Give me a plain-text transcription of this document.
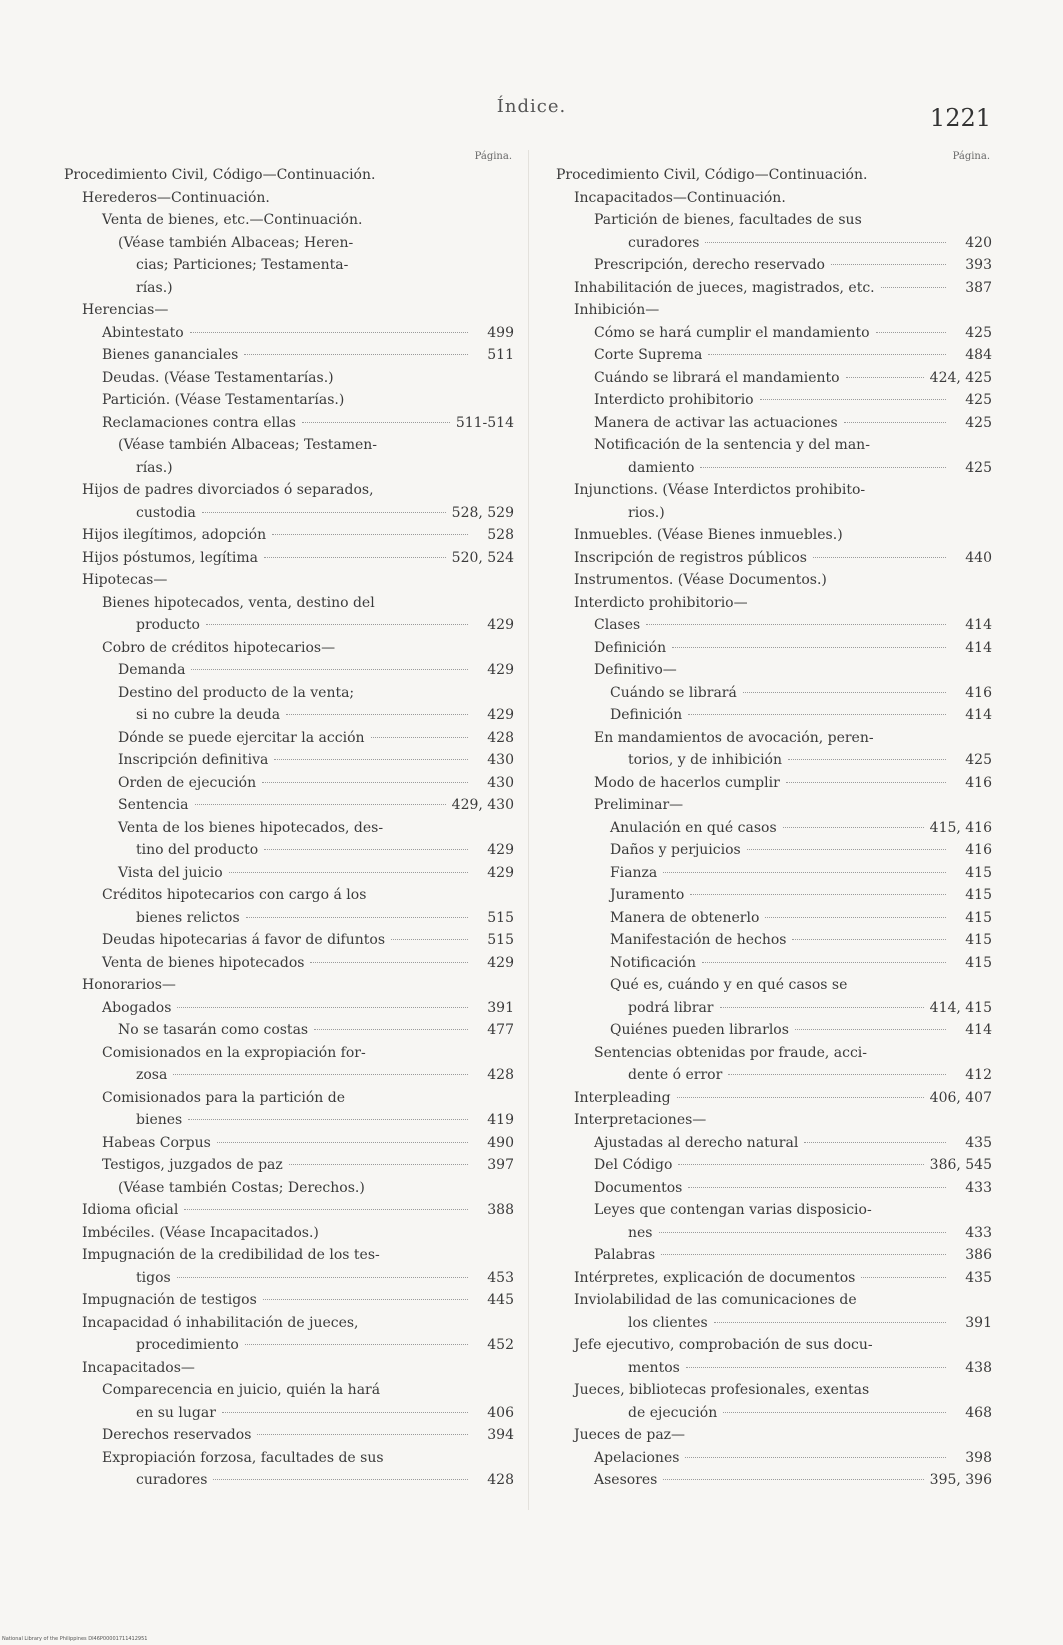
Índice.	1221
Página.
Procedimiento Civil, Código—Continuación.
Herederos—Continuación.
Venta de bienes, etc.—Continuación.
(Véase también Albaceas; Heren-
cias; Particiones; Testamenta-
rías.)
Herencias—
Abintestato	499
Bienes gananciales	511
Deudas. (Véase Testamentarías.)
Partición. (Véase Testamentarías.)
Reclamaciones contra ellas	511-514
(Véase también Albaceas; Testamen-
rías.)
Hijos de padres divorciados ó separados,
custodia	528, 529
Hijos ilegítimos, adopción	528
Hijos póstumos, legítima	520, 524
Hipotecas—
Bienes hipotecados, venta, destino del
producto	429
Cobro de créditos hipotecarios—
Demanda	429
Destino del producto de la venta;
si no cubre la deuda	429
Dónde se puede ejercitar la acción	428
Inscripción definitiva	430
Orden de ejecución	430
Sentencia	429, 430
Venta de los bienes hipotecados, des-
tino del producto	429
Vista del juicio	429
Créditos hipotecarios con cargo á los
bienes relictos	515
Deudas hipotecarias á favor de difuntos	515
Venta de bienes hipotecados	429
Honorarios—
Abogados	391
No se tasarán como costas	477
Comisionados en la expropiación for-
zosa	428
Comisionados para la partición de
bienes	419
Habeas Corpus	490
Testigos, juzgados de paz	397
(Véase también Costas; Derechos.)
Idioma oficial	388
Imbéciles. (Véase Incapacitados.)
Impugnación de la credibilidad de los tes-
tigos	453
Impugnación de testigos	445
Incapacidad ó inhabilitación de jueces,
procedimiento	452
Incapacitados—
Comparecencia en juicio, quién la hará
en su lugar	406
Derechos reservados	394
Expropiación forzosa, facultades de sus
curadores	428
Página.
Procedimiento Civil, Código—Continuación.
Incapacitados—Continuación.
Partición de bienes, facultades de sus
curadores	420
Prescripción, derecho reservado	393
Inhabilitación de jueces, magistrados, etc.	387
Inhibición—
Cómo se hará cumplir el mandamiento	425
Corte Suprema	484
Cuándo se librará el mandamiento	424, 425
Interdicto prohibitorio	425
Manera de activar las actuaciones	425
Notificación de la sentencia y del man-
damiento	425
Injunctions. (Véase Interdictos prohibito-
rios.)
Inmuebles. (Véase Bienes inmuebles.)
Inscripción de registros públicos	440
Instrumentos. (Véase Documentos.)
Interdicto prohibitorio—
Clases	414
Definición	414
Definitivo—
Cuándo se librará	416
Definición	414
En mandamientos de avocación, peren-
torios, y de inhibición	425
Modo de hacerlos cumplir	416
Preliminar—
Anulación en qué casos	415, 416
Daños y perjuicios	416
Fianza	415
Juramento	415
Manera de obtenerlo	415
Manifestación de hechos	415
Notificación	415
Qué es, cuándo y en qué casos se
podrá librar	414, 415
Quiénes pueden librarlos	414
Sentencias obtenidas por fraude, acci-
dente ó error	412
Interpleading	406, 407
Interpretaciones—
Ajustadas al derecho natural	435
Del Código	386, 545
Documentos	433
Leyes que contengan varias disposicio-
nes	433
Palabras	386
Intérpretes, explicación de documentos	435
Inviolabilidad de las comunicaciones de
los clientes	391
Jefe ejecutivo, comprobación de sus docu-
mentos	438
Jueces, bibliotecas profesionales, exentas
de ejecución	468
Jueces de paz—
Apelaciones	398
Asesores	395, 396
National Library of the Philippines DI46P00001711412951
